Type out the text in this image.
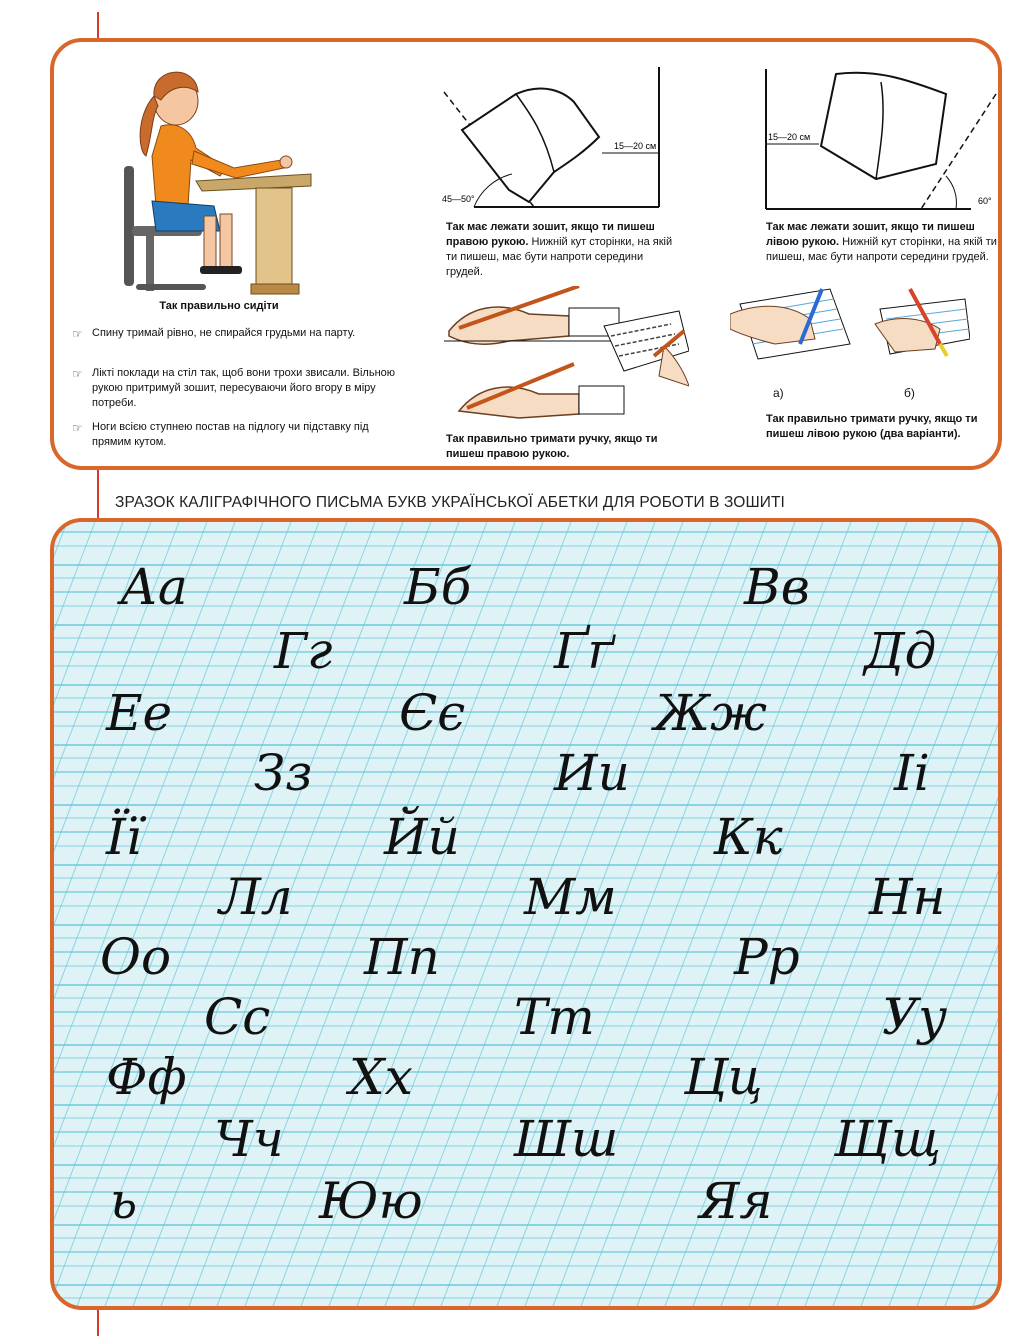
Так правильно сидіти
☞ Спину тримай рівно, не спирайся грудьми на парту.
☞ Лікті поклади на стіл так, щоб вони трохи звисали. Вільною рукою притримуй зошит, пересуваючи його вгору в міру потреби.
☞ Ноги всією ступнею постав на підлогу чи підставку під прямим кутом.
15—20 см
45—50°
Так має лежати зошит, якщо ти пишеш правою рукою. Нижній кут сторінки, на якій ти пишеш, має бути напроти середини грудей.
15—20 см
60°
Так має лежати зошит, якщо ти пишеш лівою рукою. Нижній кут сторінки, на якій ти пишеш, має бути напроти середини грудей.
Так правильно тримати ручку, якщо ти пишеш правою рукою.
а)	б)
Так правильно тримати ручку, якщо ти пишеш лівою рукою (два варіанти).
ЗРАЗОК КАЛІГРАФІЧНОГО ПИСЬМА БУКВ УКРАЇНСЬКОЇ АБЕТКИ ДЛЯ РОБОТИ В ЗОШИТІ
Аа	Бб	Вв
Гг	Ґґ	Дд
Ее	Єє	Жж
Зз	Ии	Іі
Її	Йй	Кк
Лл	Мм	Нн
Оо	Пп	Рр
Сс	Тт	Уу
Фф	Хх	Цц
Чч	Шш	Щщ
ь	Юю	Яя
